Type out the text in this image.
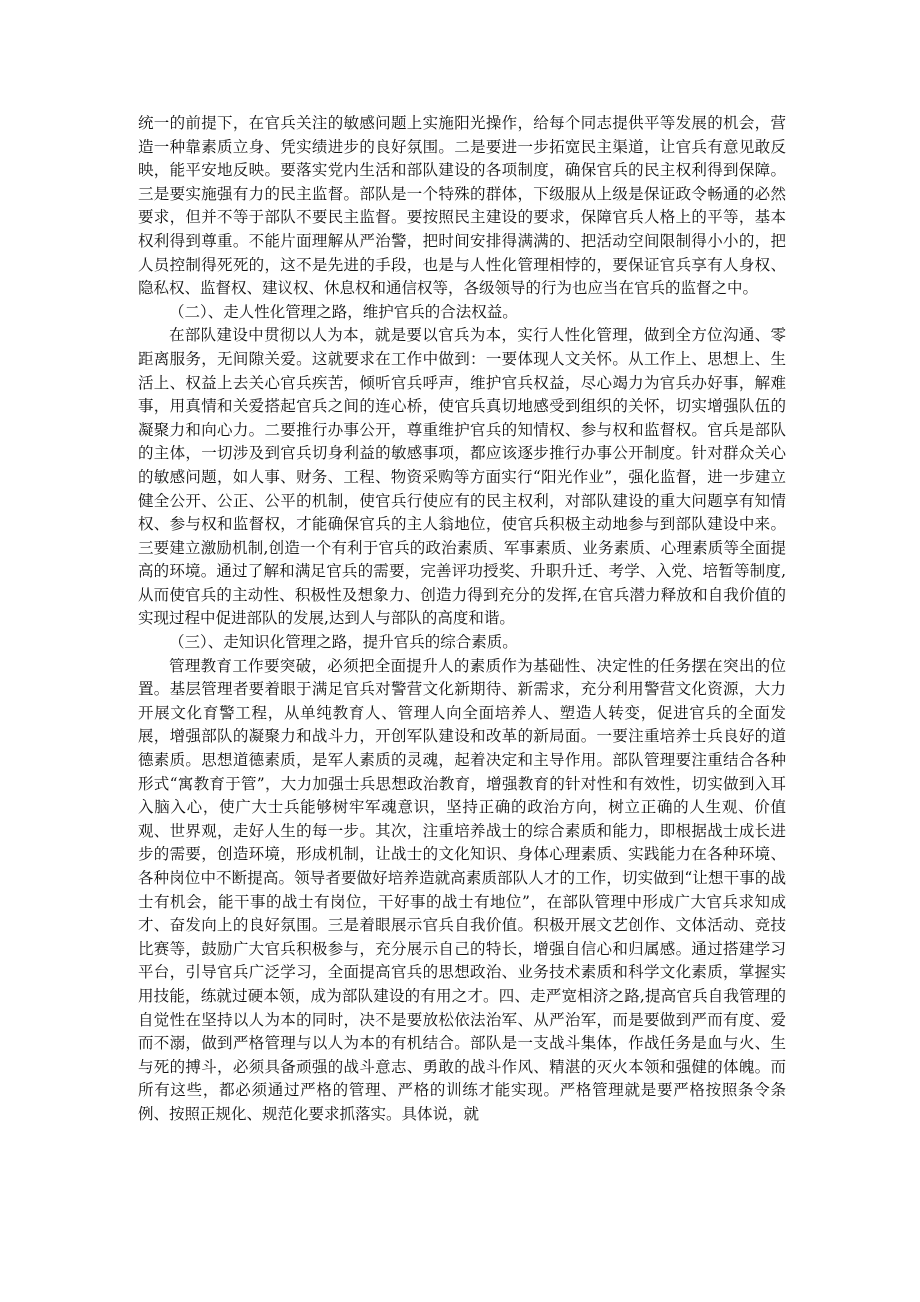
统一的前提下，在官兵关注的敏感问题上实施阳光操作，给每个同志提供平等发展的机会，营造一种靠素质立身、凭实绩进步的良好氛围。二是要进一步拓宽民主渠道，让官兵有意见敢反映，能平安地反映。要落实党内生活和部队建设的各项制度，确保官兵的民主权利得到保障。三是要实施强有力的民主监督。部队是一个特殊的群体，下级服从上级是保证政令畅通的必然要求，但并不等于部队不要民主监督。要按照民主建设的要求，保障官兵人格上的平等，基本权利得到尊重。不能片面理解从严治警，把时间安排得满满的、把活动空间限制得小小的，把人员控制得死死的，这不是先进的手段，也是与人性化管理相悖的，要保证官兵享有人身权、隐私权、监督权、建议权、休息权和通信权等，各级领导的行为也应当在官兵的监督之中。

（二）、走人性化管理之路，维护官兵的合法权益。

在部队建设中贯彻以人为本，就是要以官兵为本，实行人性化管理，做到全方位沟通、零距离服务，无间隙关爱。这就要求在工作中做到：一要体现人文关怀。从工作上、思想上、生活上、权益上去关心官兵疾苦，倾听官兵呼声，维护官兵权益，尽心竭力为官兵办好事，解难事，用真情和关爱搭起官兵之间的连心桥，使官兵真切地感受到组织的关怀，切实增强队伍的凝聚力和向心力。二要推行办事公开，尊重维护官兵的知情权、参与权和监督权。官兵是部队的主体，一切涉及到官兵切身利益的敏感事项，都应该逐步推行办事公开制度。针对群众关心的敏感问题，如人事、财务、工程、物资采购等方面实行“阳光作业”，强化监督，进一步建立健全公开、公正、公平的机制，使官兵行使应有的民主权利，对部队建设的重大问题享有知情权、参与权和监督权，才能确保官兵的主人翁地位，使官兵积极主动地参与到部队建设中来。三要建立激励机制,创造一个有利于官兵的政治素质、军事素质、业务素质、心理素质等全面提高的环境。通过了解和满足官兵的需要，完善评功授奖、升职升迁、考学、入党、培暂等制度,从而使官兵的主动性、积极性及想象力、创造力得到充分的发挥,在官兵潜力释放和自我价值的实现过程中促进部队的发展,达到人与部队的高度和谐。

（三）、走知识化管理之路，提升官兵的综合素质。

管理教育工作要突破，必须把全面提升人的素质作为基础性、决定性的任务摆在突出的位置。基层管理者要着眼于满足官兵对警营文化新期待、新需求，充分利用警营文化资源，大力开展文化育警工程，从单纯教育人、管理人向全面培养人、塑造人转变，促进官兵的全面发展，增强部队的凝聚力和战斗力，开创军队建设和改革的新局面。一要注重培养士兵良好的道德素质。思想道德素质，是军人素质的灵魂，起着决定和主导作用。部队管理要注重结合各种形式“寓教育于管”，大力加强士兵思想政治教育，增强教育的针对性和有效性，切实做到入耳入脑入心，使广大士兵能够树牢军魂意识，坚持正确的政治方向，树立正确的人生观、价值观、世界观，走好人生的每一步。其次，注重培养战士的综合素质和能力，即根据战士成长进步的需要，创造环境，形成机制，让战士的文化知识、身体心理素质、实践能力在各种环境、各种岗位中不断提高。领导者要做好培养造就高素质部队人才的工作，切实做到“让想干事的战士有机会，能干事的战士有岗位，干好事的战士有地位”，在部队管理中形成广大官兵求知成才、奋发向上的良好氛围。三是着眼展示官兵自我价值。积极开展文艺创作、文体活动、竞技比赛等，鼓励广大官兵积极参与，充分展示自己的特长，增强自信心和归属感。通过搭建学习平台，引导官兵广泛学习，全面提高官兵的思想政治、业务技术素质和科学文化素质，掌握实用技能，练就过硬本领，成为部队建设的有用之才。四、走严宽相济之路,提高官兵自我管理的自觉性在坚持以人为本的同时，决不是要放松依法治军、从严治军，而是要做到严而有度、爱而不溺，做到严格管理与以人为本的有机结合。部队是一支战斗集体，作战任务是血与火、生与死的搏斗，必须具备顽强的战斗意志、勇敢的战斗作风、精湛的灭火本领和强健的体魄。而所有这些，都必须通过严格的管理、严格的训练才能实现。严格管理就是要严格按照条令条例、按照正规化、规范化要求抓落实。具体说，就
